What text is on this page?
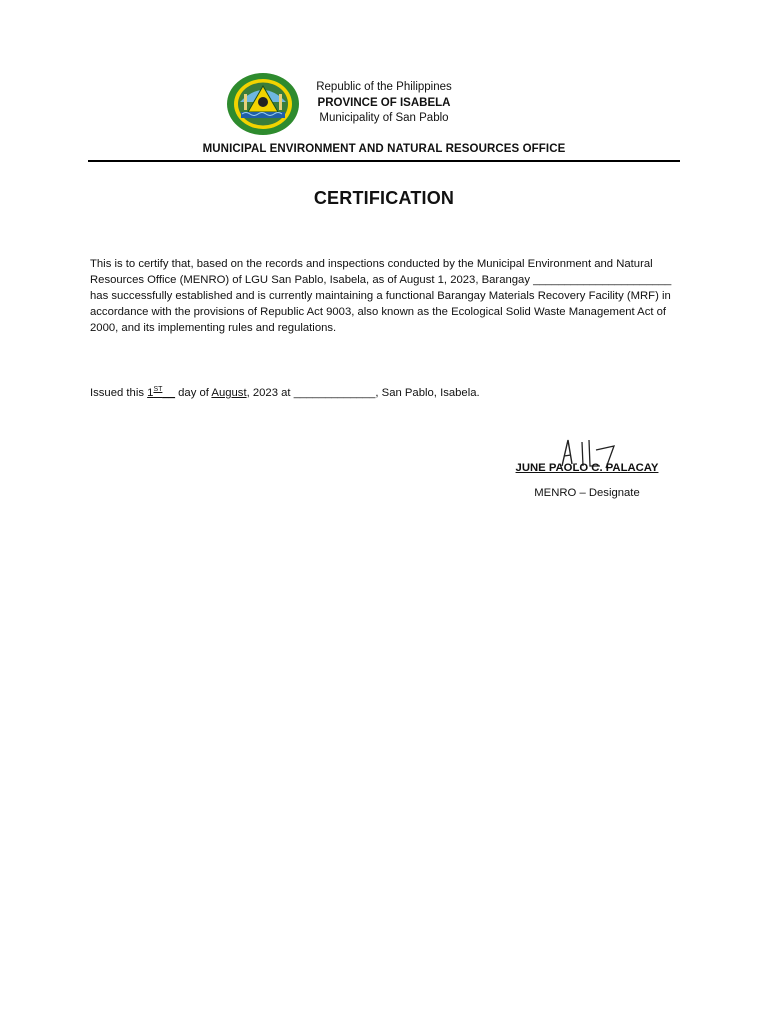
Republic of the Philippines
PROVINCE OF ISABELA
Municipality of San Pablo
MUNICIPAL ENVIRONMENT AND NATURAL RESOURCES OFFICE
CERTIFICATION
This is to certify that, based on the records and inspections conducted by the Municipal Environment and Natural Resources Office (MENRO) of LGU San Pablo, Isabela, as of August 1, 2023, Barangay ______________________ has successfully established and is currently maintaining a functional Barangay Materials Recovery Facility (MRF) in accordance with the provisions of Republic Act 9003, also known as the Ecological Solid Waste Management Act of 2000, and its implementing rules and regulations.
Issued this 1ST__ day of August, 2023 at _____________, San Pablo, Isabela.
JUNE PAOLO C. PALACAY
MENRO – Designate
